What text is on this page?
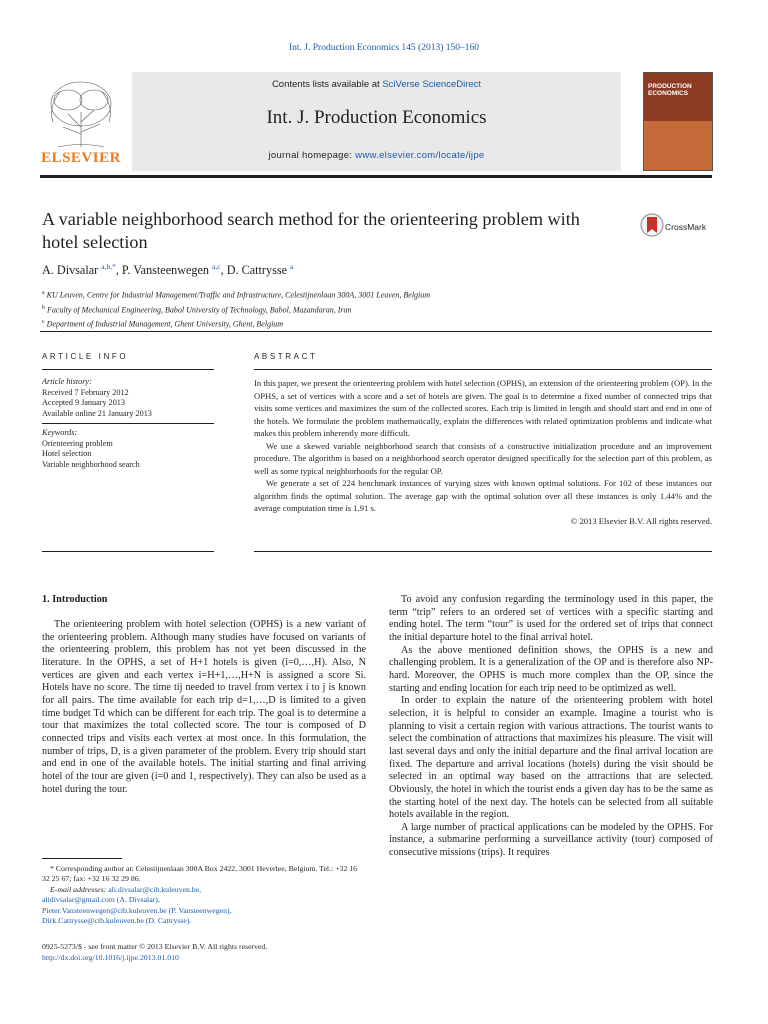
Int. J. Production Economics 145 (2013) 150–160
ELSEVIER
Contents lists available at SciVerse ScienceDirect
Int. J. Production Economics
journal homepage: www.elsevier.com/locate/ijpe
PRODUCTION ECONOMICS
A variable neighborhood search method for the orienteering problem with hotel selection
CrossMark
A. Divsalar $^{a,b,*}$, P. Vansteenwegen $^{a,c}$, D. Cattrysse $^a$
$^a$ KU Leuven, Centre for Industrial Management/Traffic and Infrastructure, Celestijnenlaan 300A, 3001 Leuven, Belgium
$^b$ Faculty of Mechanical Engineering, Babol University of Technology, Babol, Mazandaran, Iran
$^c$ Department of Industrial Management, Ghent University, Ghent, Belgium
ARTICLE INFO	ABSTRACT
Article history:
Received 7 February 2012
Accepted 9 January 2013
Available online 21 January 2013
Keywords:
Orienteering problem
Hotel selection
Variable neighborhood search

In this paper, we present the orienteering problem with hotel selection (OPHS), an extension of the orienteering problem (OP). In the OPHS, a set of vertices with a score and a set of hotels are given. The goal is to determine a fixed number of connected trips that visits some vertices and maximizes the sum of the collected scores. Each trip is limited in length and should start and end in one of the hotels. We formulate the problem mathematically, explain the differences with related optimization problems and indicate what makes this problem inherently more difficult.

We use a skewed variable neighborhood search that consists of a constructive initialization procedure and an improvement procedure. The algorithm is based on a neighborhood search operator designed specifically for the selection part of this problem, as well as some typical neighborhoods for the regular OP.

We generate a set of 224 benchmark instances of varying sizes with known optimal solutions. For 102 of these instances our algorithm finds the optimal solution. The average gap with the optimal solution over all these instances is only 1.44% and the average computation time is 1.91 s.

© 2013 Elsevier B.V. All rights reserved.

1. Introduction

The orienteering problem with hotel selection (OPHS) is a new variant of the orienteering problem. Although many studies have focused on variants of the orienteering problem, this problem has not yet been discussed in the literature. In the OPHS, a set of H+1 hotels is given (i=0,…,H). Also, N vertices are given and each vertex i=H+1,…,H+N is assigned a score Si. Hotels have no score. The time tij needed to travel from vertex i to j is known for all pairs. The time available for each trip d=1,…,D is limited to a given time budget Td which can be different for each trip. The goal is to determine a tour that maximizes the total collected score. The tour is composed of D connected trips and visits each vertex at most once. In this formulation, the number of trips, D, is a given parameter of the problem. Every trip should start and end in one of the available hotels. The initial starting and final arriving hotel of the tour are given (i=0 and 1, respectively). They can also be used as a hotel during the tour.

To avoid any confusion regarding the terminology used in this paper, the term “trip” refers to an ordered set of vertices with a specific starting and ending hotel. The term “tour” is used for the ordered set of trips that connect the initial departure hotel to the final arrival hotel.

As the above mentioned definition shows, the OPHS is a new and challenging problem. It is a generalization of the OP and is therefore also NP-hard. Moreover, the OPHS is much more complex than the OP, since the starting and ending location for each trip need to be optimized as well.

In order to explain the nature of the orienteering problem with hotel selection, it is helpful to consider an example. Imagine a tourist who is planning to visit a certain region with various attractions. The tourist wants to select the combination of attractions that maximizes his pleasure. The visit will last several days and only the initial departure and the final arrival location are fixed. The departure and arrival locations (hotels) during the visit should be selected in an optimal way based on the attractions that are selected. Obviously, the hotel in which the tourist ends a given day has to be the same as the starting hotel of the next day. The hotels can be selected from all suitable hotels available in the region.

A large number of practical applications can be modeled by the OPHS. For instance, a submarine performing a surveillance activity (tour) composed of consecutive missions (trips). It requires

* Corresponding author at: Celestijnenlaan 300A Box 2422, 3001 Heverlee, Belgium. Tel.: +32 16 32 25 67; fax: +32 16 32 29 86.

E-mail addresses: ali.divsalar@cib.kuleuven.be,

alidivsalar@gmail.com (A. Divsalar),

Pieter.Vansteenwegen@cib.kuleuven.be (P. Vansteenwegen),

Dirk.Cattrysse@cib.kuleuven.be (D. Cattrysse).

0925-5273/$ - see front matter © 2013 Elsevier B.V. All rights reserved.
http://dx.doi.org/10.1016/j.ijpe.2013.01.010
